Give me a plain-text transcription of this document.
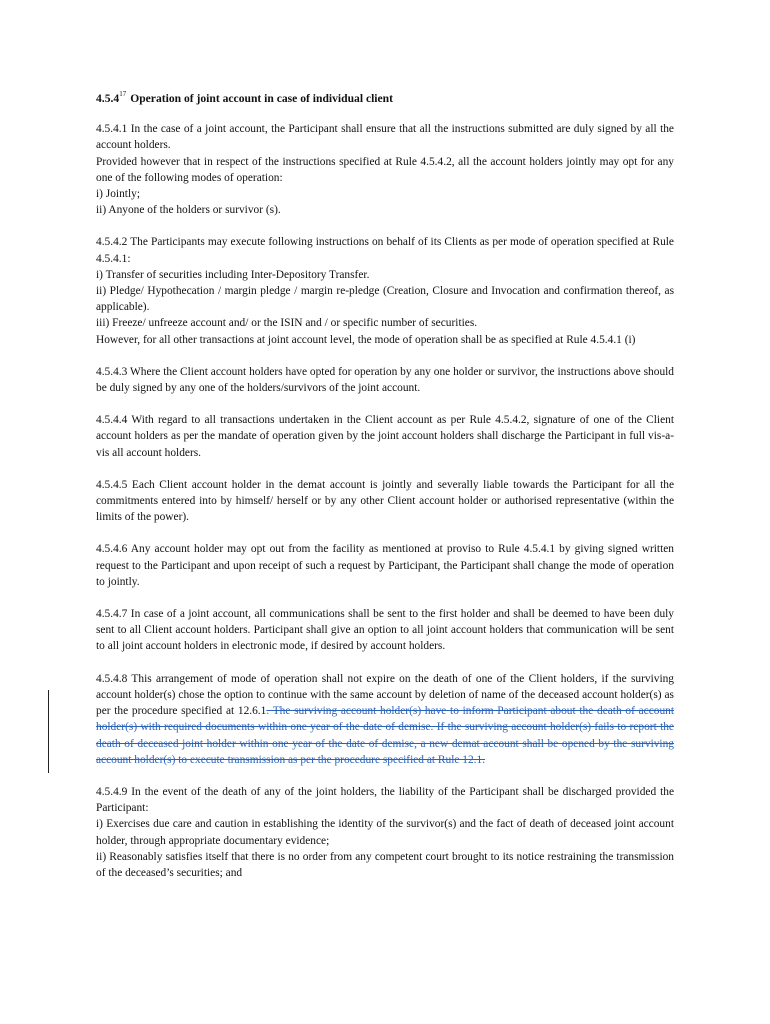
4.5.4$^{17}$ Operation of joint account in case of individual client
4.5.4.1 In the case of a joint account, the Participant shall ensure that all the instructions submitted are duly signed by all the account holders.
Provided however that in respect of the instructions specified at Rule 4.5.4.2, all the account holders jointly may opt for any one of the following modes of operation:
i) Jointly;
ii) Anyone of the holders or survivor (s).
4.5.4.2 The Participants may execute following instructions on behalf of its Clients as per mode of operation specified at Rule 4.5.4.1:
i) Transfer of securities including Inter-Depository Transfer.
ii) Pledge/ Hypothecation / margin pledge / margin re-pledge (Creation, Closure and Invocation and confirmation thereof, as applicable).
iii) Freeze/ unfreeze account and/ or the ISIN and / or specific number of securities.
However, for all other transactions at joint account level, the mode of operation shall be as specified at Rule 4.5.4.1 (i)
4.5.4.3 Where the Client account holders have opted for operation by any one holder or survivor, the instructions above should be duly signed by any one of the holders/survivors of the joint account.
4.5.4.4 With regard to all transactions undertaken in the Client account as per Rule 4.5.4.2, signature of one of the Client account holders as per the mandate of operation given by the joint account holders shall discharge the Participant in full vis-a-vis all account holders.
4.5.4.5 Each Client account holder in the demat account is jointly and severally liable towards the Participant for all the commitments entered into by himself/ herself or by any other Client account holder or authorised representative (within the limits of the power).
4.5.4.6 Any account holder may opt out from the facility as mentioned at proviso to Rule 4.5.4.1 by giving signed written request to the Participant and upon receipt of such a request by Participant, the Participant shall change the mode of operation to jointly.
4.5.4.7 In case of a joint account, all communications shall be sent to the first holder and shall be deemed to have been duly sent to all Client account holders. Participant shall give an option to all joint account holders that communication will be sent to all joint account holders in electronic mode, if desired by account holders.
4.5.4.8 This arrangement of mode of operation shall not expire on the death of one of the Client holders, if the surviving account holder(s) chose the option to continue with the same account by deletion of name of the deceased account holder(s) as per the procedure specified at 12.6.1. The surviving account holder(s) have to inform Participant about the death of account holder(s) with required documents within one year of the date of demise. If the surviving account holder(s) fails to report the death of deceased joint holder within one year of the date of demise, a new demat account shall be opened by the surviving account holder(s) to execute transmission as per the procedure specified at Rule 12.1.
4.5.4.9 In the event of the death of any of the joint holders, the liability of the Participant shall be discharged provided the Participant:
i) Exercises due care and caution in establishing the identity of the survivor(s) and the fact of death of deceased joint account holder, through appropriate documentary evidence;
ii) Reasonably satisfies itself that there is no order from any competent court brought to its notice restraining the transmission of the deceased’s securities; and
